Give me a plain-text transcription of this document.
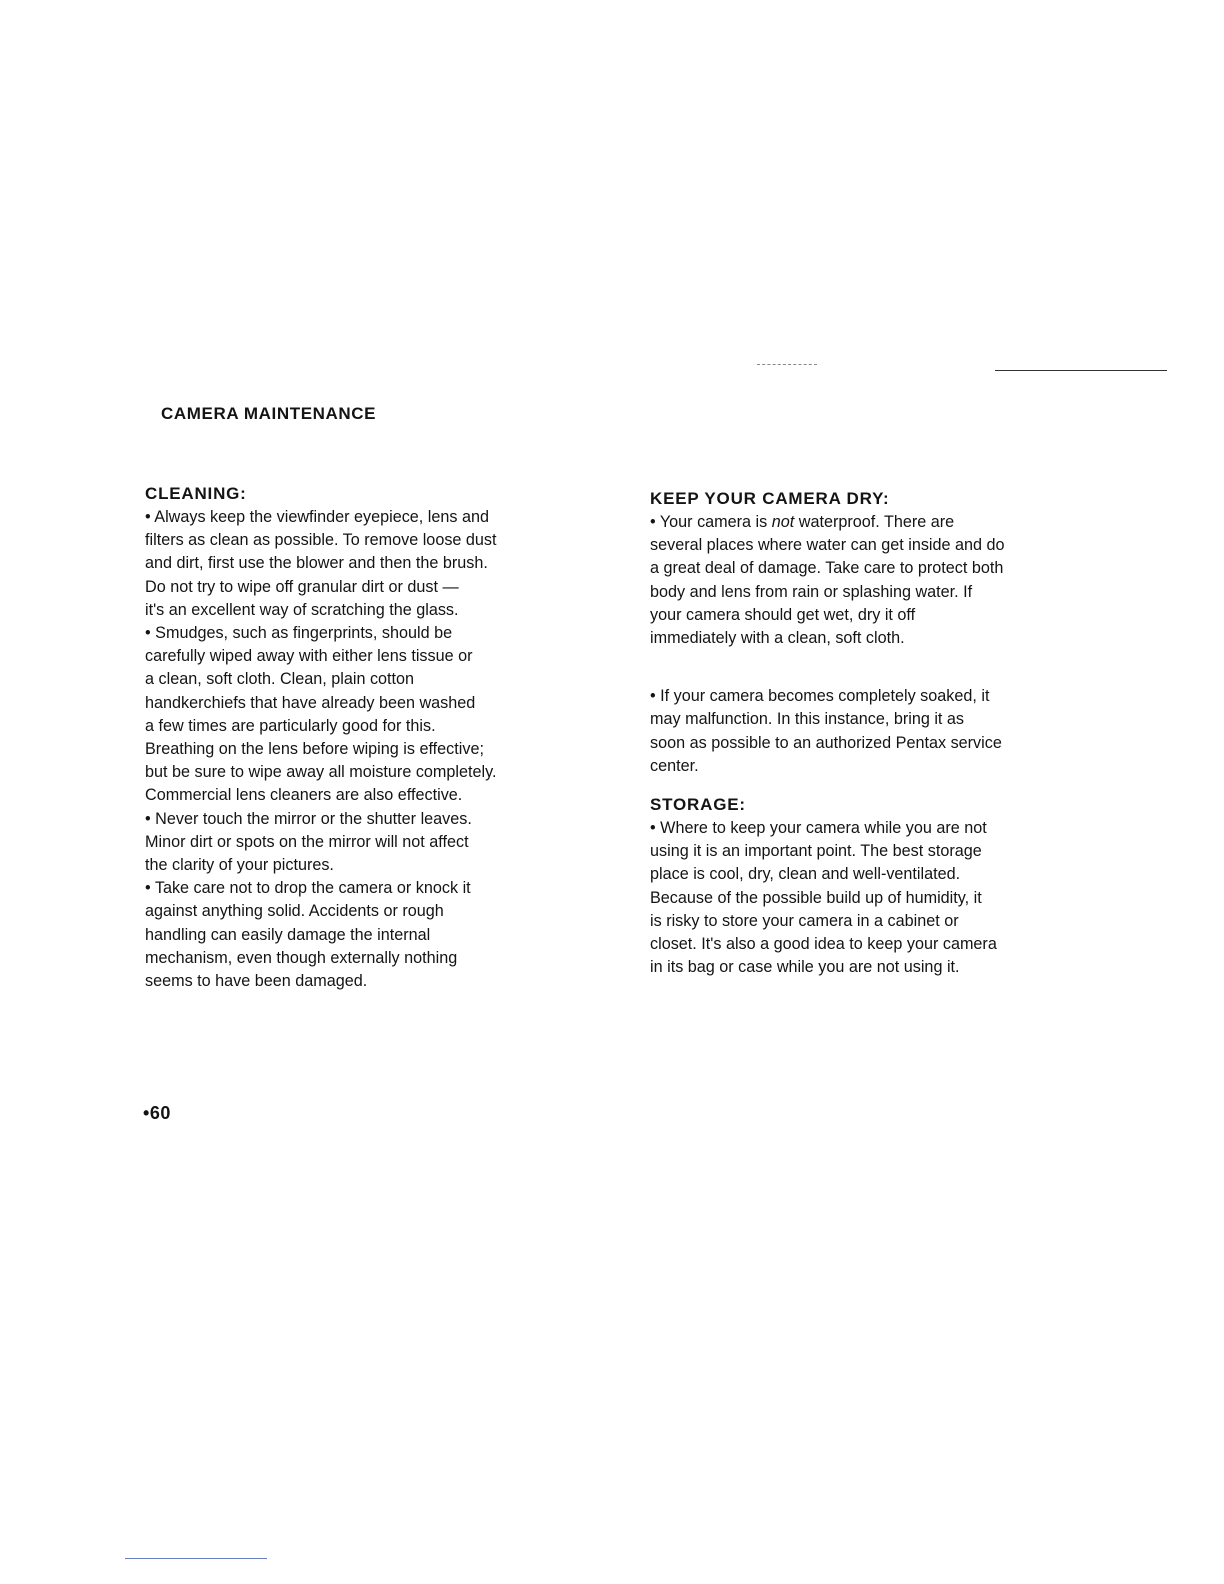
CAMERA MAINTENANCE
CLEANING:
• Always keep the viewfinder eyepiece, lens and
filters as clean as possible. To remove loose dust
and dirt, first use the blower and then the brush.
Do not try to wipe off granular dirt or dust —
it's an excellent way of scratching the glass.
• Smudges, such as fingerprints, should be
carefully wiped away with either lens tissue or
a clean, soft cloth. Clean, plain cotton
handkerchiefs that have already been washed
a few times are particularly good for this.
Breathing on the lens before wiping is effective;
but be sure to wipe away all moisture completely.
Commercial lens cleaners are also effective.
• Never touch the mirror or the shutter leaves.
Minor dirt or spots on the mirror will not affect
the clarity of your pictures.
• Take care not to drop the camera or knock it
against anything solid. Accidents or rough
handling can easily damage the internal
mechanism, even though externally nothing
seems to have been damaged.
KEEP YOUR CAMERA DRY:
• Your camera is not waterproof. There are
several places where water can get inside and do
a great deal of damage. Take care to protect both
body and lens from rain or splashing water. If
your camera should get wet, dry it off
immediately with a clean, soft cloth.
• If your camera becomes completely soaked, it
may malfunction. In this instance, bring it as
soon as possible to an authorized Pentax service
center.
STORAGE:
• Where to keep your camera while you are not
using it is an important point. The best storage
place is cool, dry, clean and well-ventilated.
Because of the possible build up of humidity, it
is risky to store your camera in a cabinet or
closet. It's also a good idea to keep your camera
in its bag or case while you are not using it.
•60
